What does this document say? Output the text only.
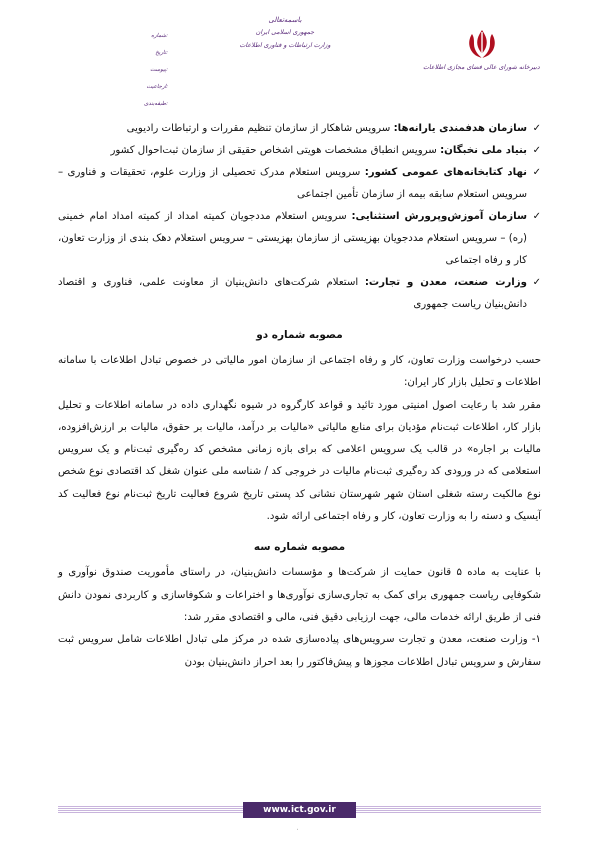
دبیرخانه شورای عالی فضای مجازی اطلاعات
باسمه‌تعالی
جمهوری اسلامی ایران
وزارت ارتباطات و فناوری اطلاعات
شماره:
تاریخ:
پیوست:
ارجاعیت:
طبقه‌بندی:
✓
سازمان هدفمندی یارانه‌ها: سرویس شاهکار از سازمان تنظیم مقررات و ارتباطات رادیویی
✓
بنیاد ملی نخبگان: سرویس انطباق مشخصات هویتی اشخاص حقیقی از سازمان ثبت‌احوال کشور
✓
نهاد کتابخانه‌های عمومی کشور: سرویس استعلام مدرک تحصیلی از وزارت علوم، تحقیقات و فناوری – سرویس استعلام سابقه بیمه از سازمان تأمین اجتماعی
✓
سازمان آموزش‌وپرورش استثنایی: سرویس استعلام مددجویان کمیته امداد از کمیته امداد امام خمینی (ره) – سرویس استعلام مددجویان بهزیستی از سازمان بهزیستی – سرویس استعلام دهک بندی از وزارت تعاون، کار و رفاه اجتماعی
✓
وزارت صنعت، معدن و تجارت: استعلام شرکت‌های دانش‌بنیان از معاونت علمی، فناوری و اقتصاد دانش‌بنیان ریاست جمهوری
مصوبه شماره دو
حسب درخواست وزارت تعاون، کار و رفاه اجتماعی از سازمان امور مالیاتی در خصوص تبادل اطلاعات با سامانه اطلاعات و تحلیل بازار کار ایران:
مقرر شد با رعایت اصول امنیتی مورد تائید و قواعد کارگروه در شیوه نگهداری داده در سامانه اطلاعات و تحلیل بازار کار، اطلاعات ثبت‌نام مؤدیان برای منابع مالیاتی «مالیات بر درآمد، مالیات بر حقوق، مالیات بر ارزش‌افزوده، مالیات بر اجاره» در قالب یک سرویس اعلامی که برای بازه زمانی مشخص کد ره‌گیری ثبت‌نام و یک سرویس استعلامی که در ورودی کد ره‌گیری ثبت‌نام مالیات در خروجی کد / شناسه ملی عنوان شغل کد اقتصادی نوع شخص نوع مالکیت رسته شغلی استان شهر شهرستان نشانی کد پستی تاریخ شروع فعالیت تاریخ ثبت‌نام نوع فعالیت کد آیسیک و دسته را به وزارت تعاون، کار و رفاه اجتماعی ارائه شود.
مصوبه شماره سه
با عنایت به ماده ۵ قانون حمایت از شرکت‌ها و مؤسسات دانش‌بنیان، در راستای مأموریت صندوق نوآوری و شکوفایی ریاست جمهوری برای کمک به تجاری‌سازی نوآوری‌ها و اختراعات و شکوفاسازی و کاربردی نمودن دانش فنی از طریق ارائه خدمات مالی، جهت ارزیابی دقیق فنی، مالی و اقتصادی مقرر شد:
۱- وزارت صنعت، معدن و تجارت سرویس‌های پیاده‌سازی شده در مرکز ملی تبادل اطلاعات شامل سرویس ثبت سفارش و سرویس تبادل اطلاعات مجوزها و پیش‌فاکتور را بعد احراز دانش‌بنیان بودن
www.ict.gov.ir
۰
